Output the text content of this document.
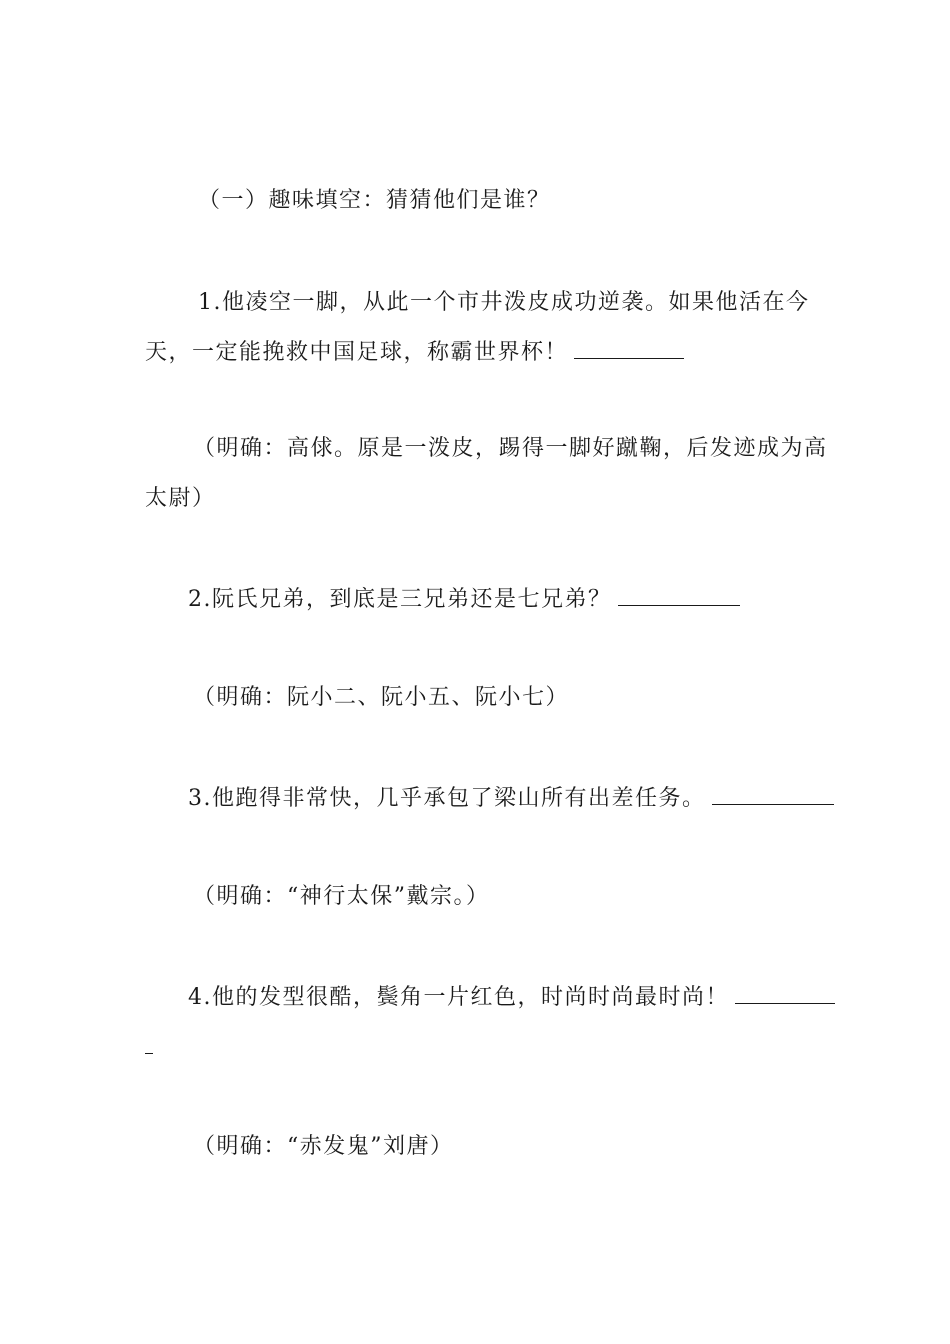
（一）趣味填空：猜猜他们是谁？
1.他凌空一脚，从此一个市井泼皮成功逆袭。如果他活在今
天，一定能挽救中国足球，称霸世界杯！
（明确：高俅。原是一泼皮，踢得一脚好蹴鞠，后发迹成为高
太尉）
2.阮氏兄弟，到底是三兄弟还是七兄弟？
（明确：阮小二、阮小五、阮小七）
3.他跑得非常快，几乎承包了梁山所有出差任务。
（明确：“神行太保”戴宗。）
4.他的发型很酷，鬓角一片红色，时尚时尚最时尚！
（明确：“赤发鬼”刘唐）
